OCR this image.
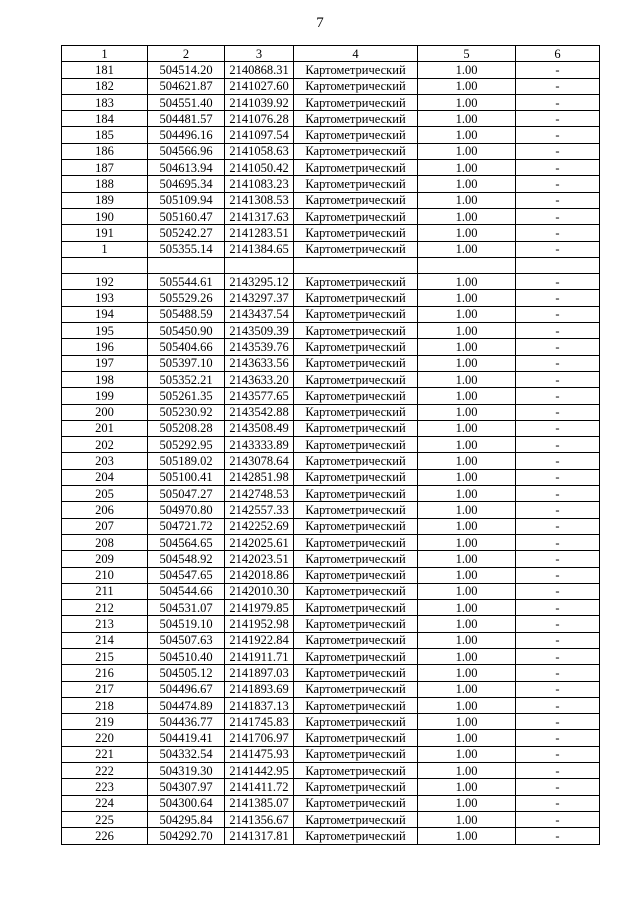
7
1	2	3	4	5	6
181	504514.20	2140868.31	Картометрический	1.00	-
182	504621.87	2141027.60	Картометрический	1.00	-
183	504551.40	2141039.92	Картометрический	1.00	-
184	504481.57	2141076.28	Картометрический	1.00	-
185	504496.16	2141097.54	Картометрический	1.00	-
186	504566.96	2141058.63	Картометрический	1.00	-
187	504613.94	2141050.42	Картометрический	1.00	-
188	504695.34	2141083.23	Картометрический	1.00	-
189	505109.94	2141308.53	Картометрический	1.00	-
190	505160.47	2141317.63	Картометрический	1.00	-
191	505242.27	2141283.51	Картометрический	1.00	-
1	505355.14	2141384.65	Картометрический	1.00	-

192	505544.61	2143295.12	Картометрический	1.00	-
193	505529.26	2143297.37	Картометрический	1.00	-
194	505488.59	2143437.54	Картометрический	1.00	-
195	505450.90	2143509.39	Картометрический	1.00	-
196	505404.66	2143539.76	Картометрический	1.00	-
197	505397.10	2143633.56	Картометрический	1.00	-
198	505352.21	2143633.20	Картометрический	1.00	-
199	505261.35	2143577.65	Картометрический	1.00	-
200	505230.92	2143542.88	Картометрический	1.00	-
201	505208.28	2143508.49	Картометрический	1.00	-
202	505292.95	2143333.89	Картометрический	1.00	-
203	505189.02	2143078.64	Картометрический	1.00	-
204	505100.41	2142851.98	Картометрический	1.00	-
205	505047.27	2142748.53	Картометрический	1.00	-
206	504970.80	2142557.33	Картометрический	1.00	-
207	504721.72	2142252.69	Картометрический	1.00	-
208	504564.65	2142025.61	Картометрический	1.00	-
209	504548.92	2142023.51	Картометрический	1.00	-
210	504547.65	2142018.86	Картометрический	1.00	-
211	504544.66	2142010.30	Картометрический	1.00	-
212	504531.07	2141979.85	Картометрический	1.00	-
213	504519.10	2141952.98	Картометрический	1.00	-
214	504507.63	2141922.84	Картометрический	1.00	-
215	504510.40	2141911.71	Картометрический	1.00	-
216	504505.12	2141897.03	Картометрический	1.00	-
217	504496.67	2141893.69	Картометрический	1.00	-
218	504474.89	2141837.13	Картометрический	1.00	-
219	504436.77	2141745.83	Картометрический	1.00	-
220	504419.41	2141706.97	Картометрический	1.00	-
221	504332.54	2141475.93	Картометрический	1.00	-
222	504319.30	2141442.95	Картометрический	1.00	-
223	504307.97	2141411.72	Картометрический	1.00	-
224	504300.64	2141385.07	Картометрический	1.00	-
225	504295.84	2141356.67	Картометрический	1.00	-
226	504292.70	2141317.81	Картометрический	1.00	-
